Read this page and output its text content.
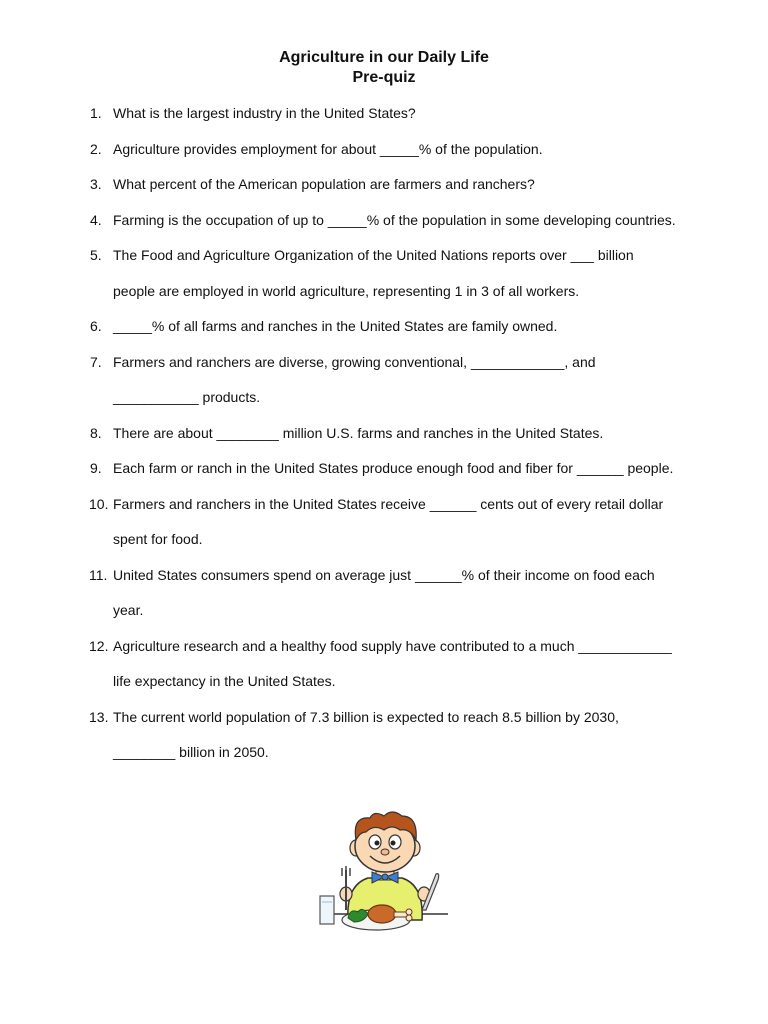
Agriculture in our Daily Life
Pre-quiz
1. What is the largest industry in the United States?
2. Agriculture provides employment for about _____% of the population.
3. What percent of the American population are farmers and ranchers?
4. Farming is the occupation of up to _____% of the population in some developing countries.
5. The Food and Agriculture Organization of the United Nations reports over ___ billion
people are employed in world agriculture, representing 1 in 3 of all workers.
6. _____% of all farms and ranches in the United States are family owned.
7. Farmers and ranchers are diverse, growing conventional, ____________, and
___________ products.
8. There are about ________ million U.S. farms and ranches in the United States.
9. Each farm or ranch in the United States produce enough food and fiber for ______ people.
10. Farmers and ranchers in the United States receive ______ cents out of every retail dollar
spent for food.
11. United States consumers spend on average just ______% of their income on food each
year.
12. Agriculture research and a healthy food supply have contributed to a much ____________
life expectancy in the United States.
13. The current world population of 7.3 billion is expected to reach 8.5 billion by 2030,
________ billion in 2050.
